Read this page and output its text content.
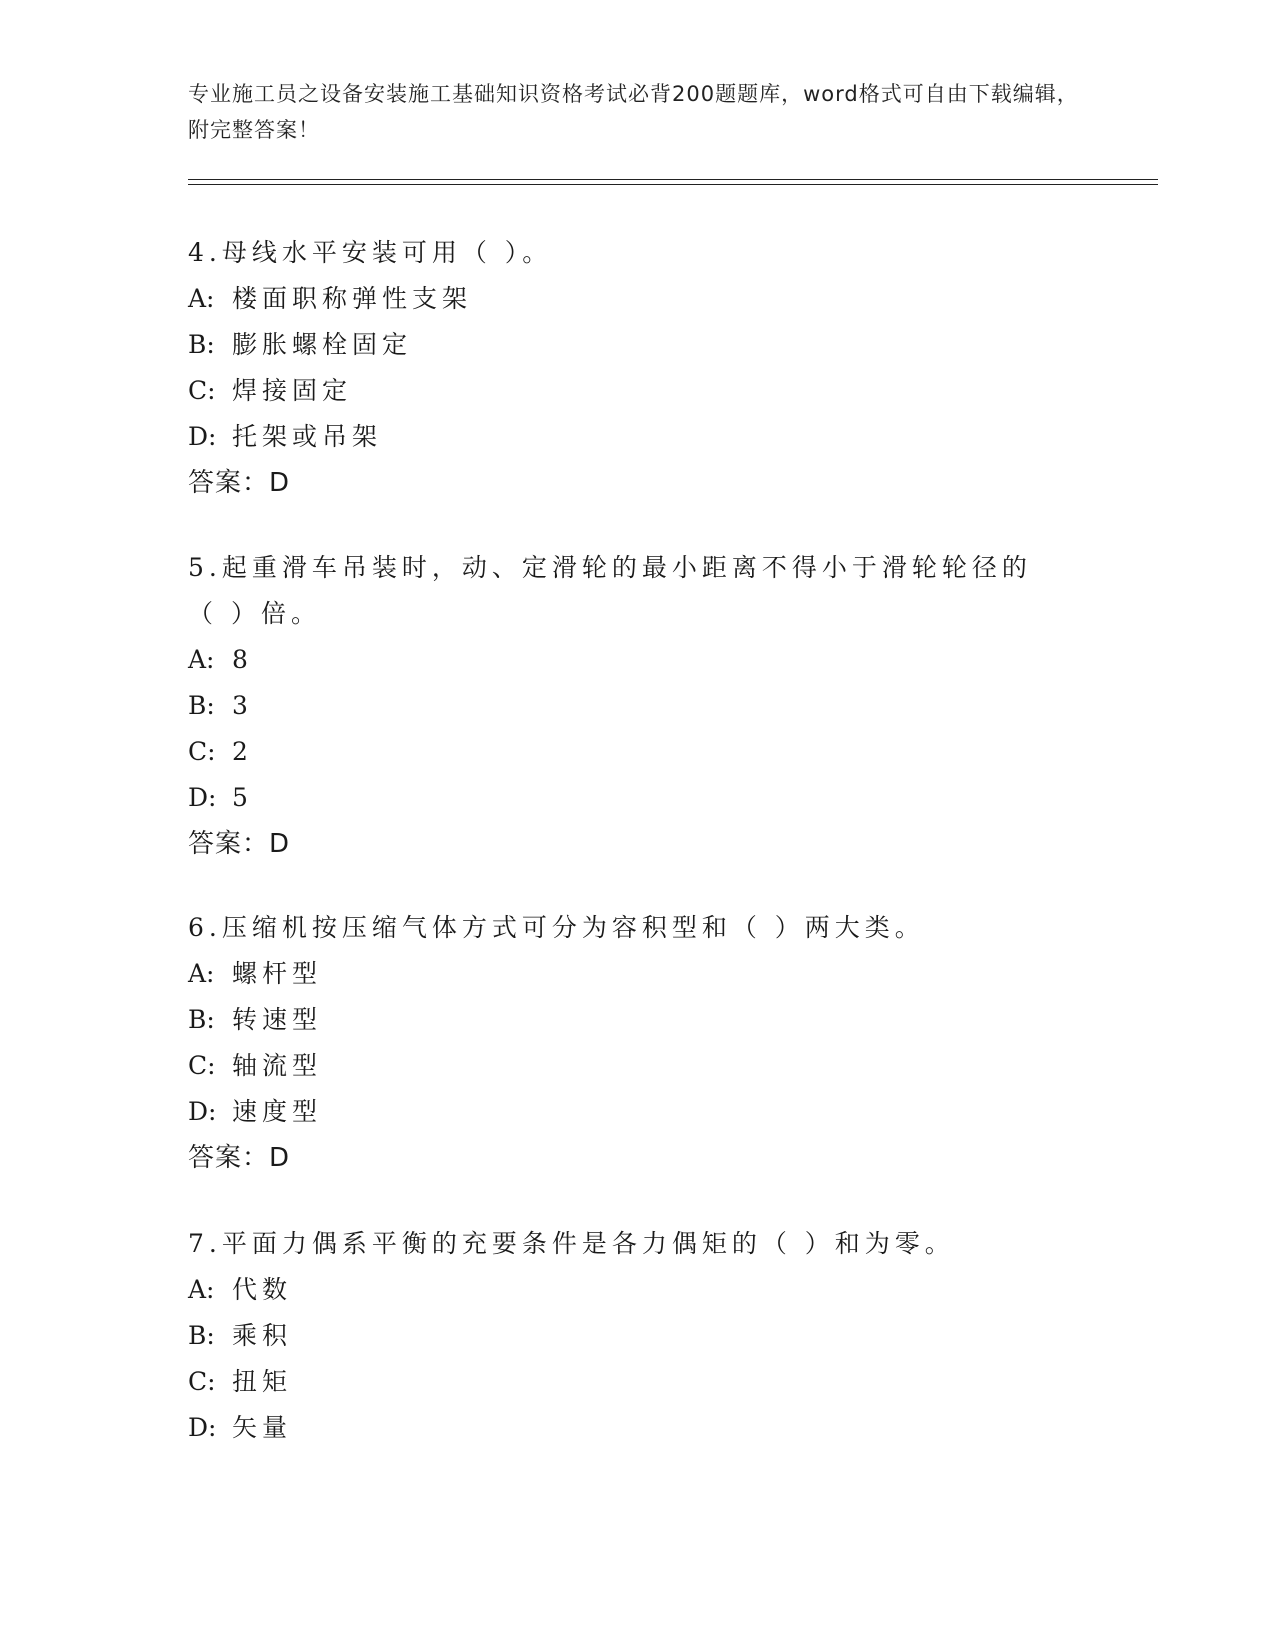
专业施工员之设备安装施工基础知识资格考试必背200题题库，word格式可自由下载编辑，附完整答案！
4.母线水平安装可用（ ）。
A: 楼面职称弹性支架
B: 膨胀螺栓固定
C: 焊接固定
D: 托架或吊架
答案：D
5.起重滑车吊装时，动、定滑轮的最小距离不得小于滑轮轮径的（ ）倍。
A: 8
B: 3
C: 2
D: 5
答案：D
6.压缩机按压缩气体方式可分为容积型和（ ）两大类。
A: 螺杆型
B: 转速型
C: 轴流型
D: 速度型
答案：D
7.平面力偶系平衡的充要条件是各力偶矩的（ ）和为零。
A: 代数
B: 乘积
C: 扭矩
D: 矢量
